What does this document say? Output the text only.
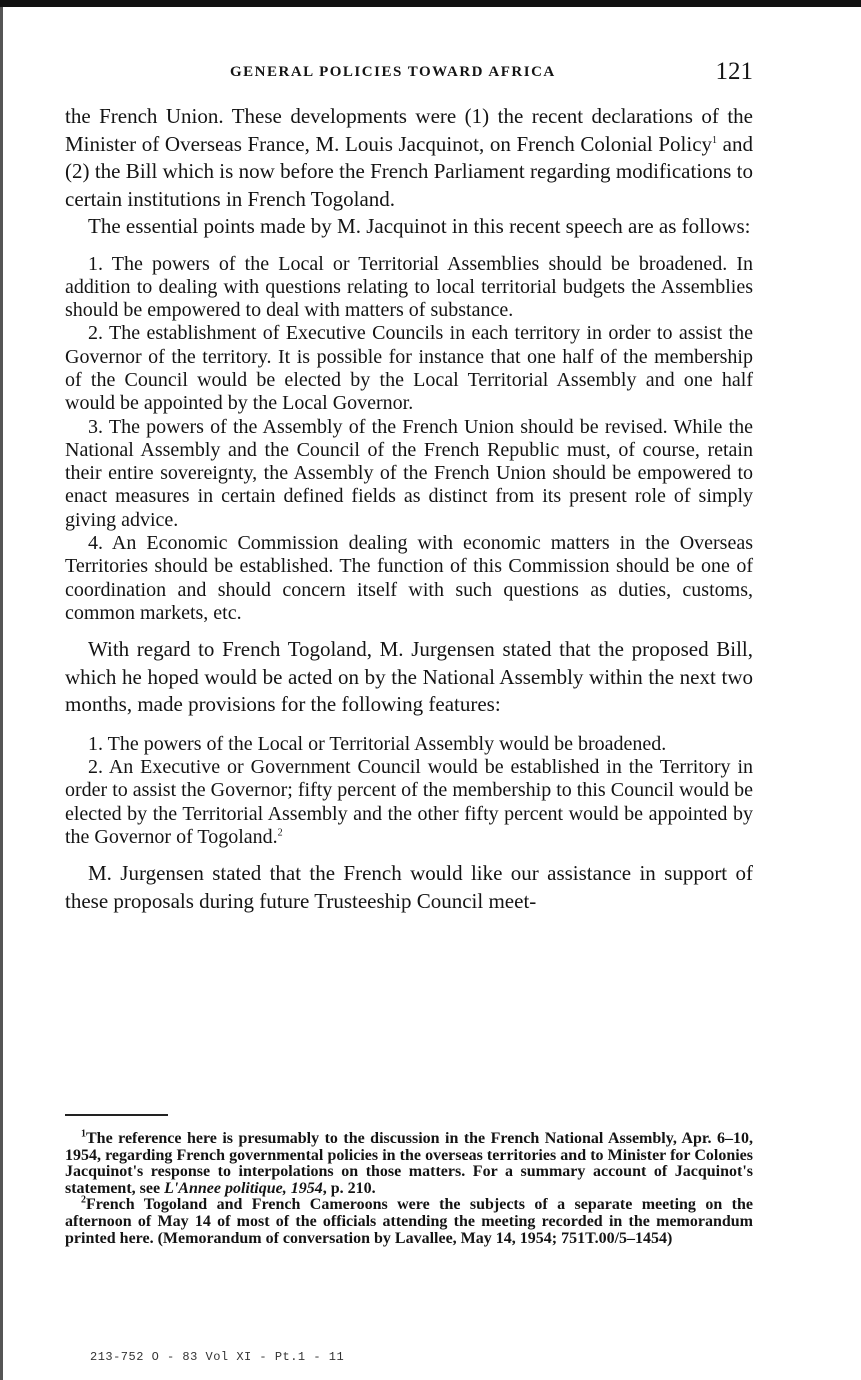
GENERAL POLICIES TOWARD AFRICA	121

the French Union. These developments were (1) the recent declarations of the Minister of Overseas France, M. Louis Jacquinot, on French Colonial Policy$^1$ and (2) the Bill which is now before the French Parliament regarding modifications to certain institutions in French Togoland.

The essential points made by M. Jacquinot in this recent speech are as follows:

1. The powers of the Local or Territorial Assemblies should be broadened. In addition to dealing with questions relating to local territorial budgets the Assemblies should be empowered to deal with matters of substance.

2. The establishment of Executive Councils in each territory in order to assist the Governor of the territory. It is possible for instance that one half of the membership of the Council would be elected by the Local Territorial Assembly and one half would be appointed by the Local Governor.

3. The powers of the Assembly of the French Union should be revised. While the National Assembly and the Council of the French Republic must, of course, retain their entire sovereignty, the Assembly of the French Union should be empowered to enact measures in certain defined fields as distinct from its present role of simply giving advice.

4. An Economic Commission dealing with economic matters in the Overseas Territories should be established. The function of this Commission should be one of coordination and should concern itself with such questions as duties, customs, common markets, etc.

With regard to French Togoland, M. Jurgensen stated that the proposed Bill, which he hoped would be acted on by the National Assembly within the next two months, made provisions for the following features:

1. The powers of the Local or Territorial Assembly would be broadened.

2. An Executive or Government Council would be established in the Territory in order to assist the Governor; fifty percent of the membership to this Council would be elected by the Territorial Assembly and the other fifty percent would be appointed by the Governor of Togoland.$^2$

M. Jurgensen stated that the French would like our assistance in support of these proposals during future Trusteeship Council meet-

$^1$The reference here is presumably to the discussion in the French National Assembly, Apr. 6–10, 1954, regarding French governmental policies in the overseas territories and to Minister for Colonies Jacquinot's response to interpolations on those matters. For a summary account of Jacquinot's statement, see L'Annee politique, 1954, p. 210.

$^2$French Togoland and French Cameroons were the subjects of a separate meeting on the afternoon of May 14 of most of the officials attending the meeting recorded in the memorandum printed here. (Memorandum of conversation by Lavallee, May 14, 1954; 751T.00/5–1454)

213-752 O - 83 Vol XI - Pt.1 - 11
